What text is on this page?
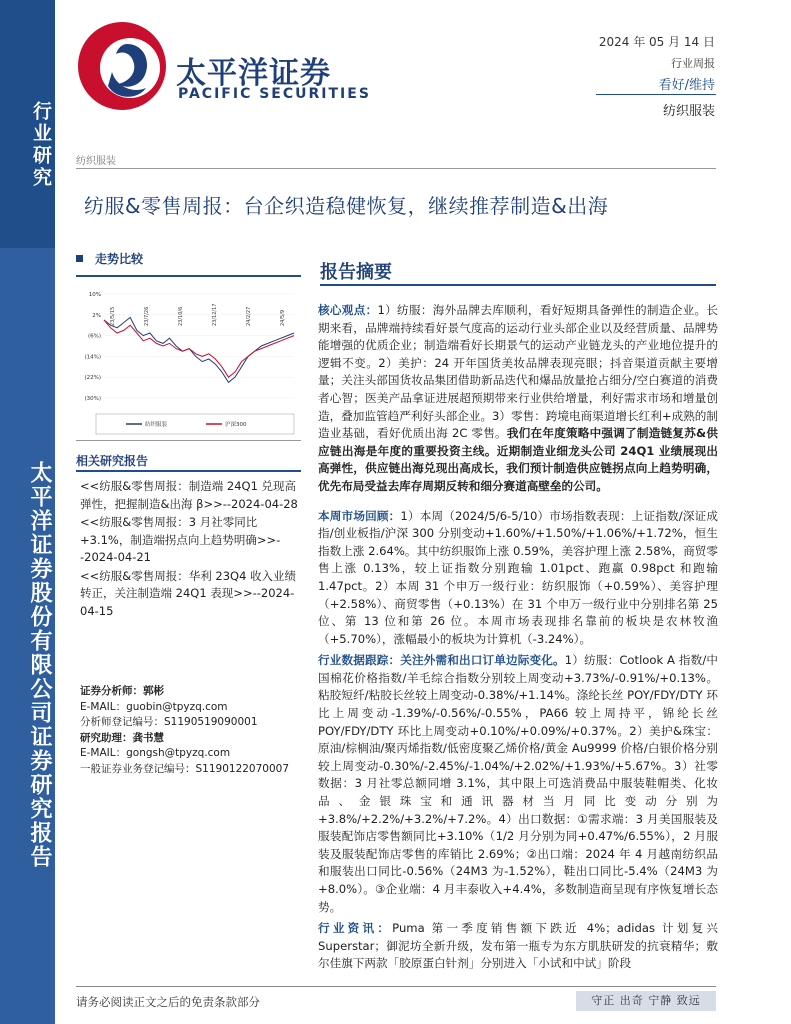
行业研究
太平洋证券股份有限公司证券研究报告
太平洋证券
PACIFIC SECURITIES
2024 年 05 月 14 日
行业周报
看好/维持
纺织服装
纺织服装
纺服&零售周报：台企织造稳健恢复，继续推荐制造&出海
走势比较
10%
2%
(6%)
(14%)
(22%)
(30%)
23/5/15	23/7/26	23/10/6	23/12/17	24/2/27	24/5/9
纺织服装	沪深300
相关研究报告

<<纺服&零售周报：制造端 24Q1 兑现高弹性，把握制造&出海 β>>--2024-04-28

<<纺服&零售周报：3 月社零同比+3.1%，制造端拐点向上趋势明确>>--2024-04-21

<<纺服&零售周报：华利 23Q4 收入业绩转正，关注制造端 24Q1 表现>>--2024-04-15

证券分析师：郭彬
E-MAIL：guobin@tpyzq.com
分析师登记编号：S1190519090001
研究助理：龚书慧
E-MAIL：gongsh@tpyzq.com
一般证券业务登记编号：S1190122070007
报告摘要

核心观点：1）纺服：海外品牌去库顺利，看好短期具备弹性的制造企业。长期来看，品牌端持续看好景气度高的运动行业头部企业以及经营质量、品牌势能增强的优质企业；制造端看好长期景气的运动产业链龙头的产业地位提升的逻辑不变。2）美护：24 开年国货美妆品牌表现亮眼；抖音渠道贡献主要增量；关注头部国货妆品集团借助新品迭代和爆品放量抢占细分/空白赛道的消费者心智；医美产品拿证进展超预期带来行业供给增量，利好需求市场和增量创造，叠加监管趋严利好头部企业。3）零售：跨境电商渠道增长红利+成熟的制造业基础，看好优质出海 2C 零售。我们在年度策略中强调了制造链复苏&供应链出海是年度的重要投资主线。近期制造业细龙头公司 24Q1 业绩展现出高弹性，供应链出海兑现出高成长，我们预计制造供应链拐点向上趋势明确，优先布局受益去库存周期反转和细分赛道高壁垒的公司。

本周市场回顾：1）本周（2024/5/6-5/10）市场指数表现：上证指数/深证成指/创业板指/沪深 300 分别变动+1.60%/+1.50%/+1.06%/+1.72%，恒生指数上涨 2.64%。其中纺织服饰上涨 0.59%，美容护理上涨 2.58%，商贸零售上涨 0.13%，较上证指数分别跑输 1.01pct、跑赢 0.98pct 和跑输 1.47pct。2）本周 31 个申万一级行业：纺织服饰（+0.59%）、美容护理（+2.58%）、商贸零售（+0.13%）在 31 个申万一级行业中分别排名第 25 位、第 13 位和第 26 位。本周市场表现排名靠前的板块是农林牧渔（+5.70%），涨幅最小的板块为计算机（-3.24%）。

行业数据跟踪：关注外需和出口订单边际变化。1）纺服：Cotlook A 指数/中国棉花价格指数/羊毛综合指数分别较上周变动+3.73%/-0.91%/+0.13%。粘胶短纤/粘胶长丝较上周变动-0.38%/+1.14%。涤纶长丝 POY/FDY/DTY 环比上周变动-1.39%/-0.56%/-0.55%，PA66 较上周持平，锦纶长丝 POY/FDY/DTY 环比上周变动+0.10%/+0.09%/+0.37%。2）美护&珠宝：原油/棕榈油/聚丙烯指数/低密度聚乙烯价格/黄金 Au9999 价格/白银价格分别较上周变动-0.30%/-2.45%/-1.04%/+2.02%/+1.93%/+5.67%。3）社零数据：3 月社零总额同增 3.1%，其中限上可选消费品中服装鞋帽类、化妆品、金银珠宝和通讯器材当月同比变动分别为+3.8%/+2.2%/+3.2%/+7.2%。4）出口数据：①需求端：3 月美国服装及服装配饰店零售额同比+3.10%（1/2 月分别为同+0.47%/6.55%），2 月服装及服装配饰店零售的库销比 2.69%；②出口端：2024 年 4 月越南纺织品和服装出口同比-0.56%（24M3 为-1.52%），鞋出口同比-5.4%（24M3 为+8.0%）。③企业端：4 月丰泰收入+4.4%，多数制造商呈现有序恢复增长态势。

行业资讯：Puma 第一季度销售额下跌近 4%；adidas 计划复兴 Superstar；御泥坊全新升级，发布第一瓶专为东方肌肤研发的抗衰精华；敷尔佳旗下两款「胶原蛋白针剂」分别进入「小试和中试」阶段

请务必阅读正文之后的免责条款部分	守正 出奇 宁静 致远
